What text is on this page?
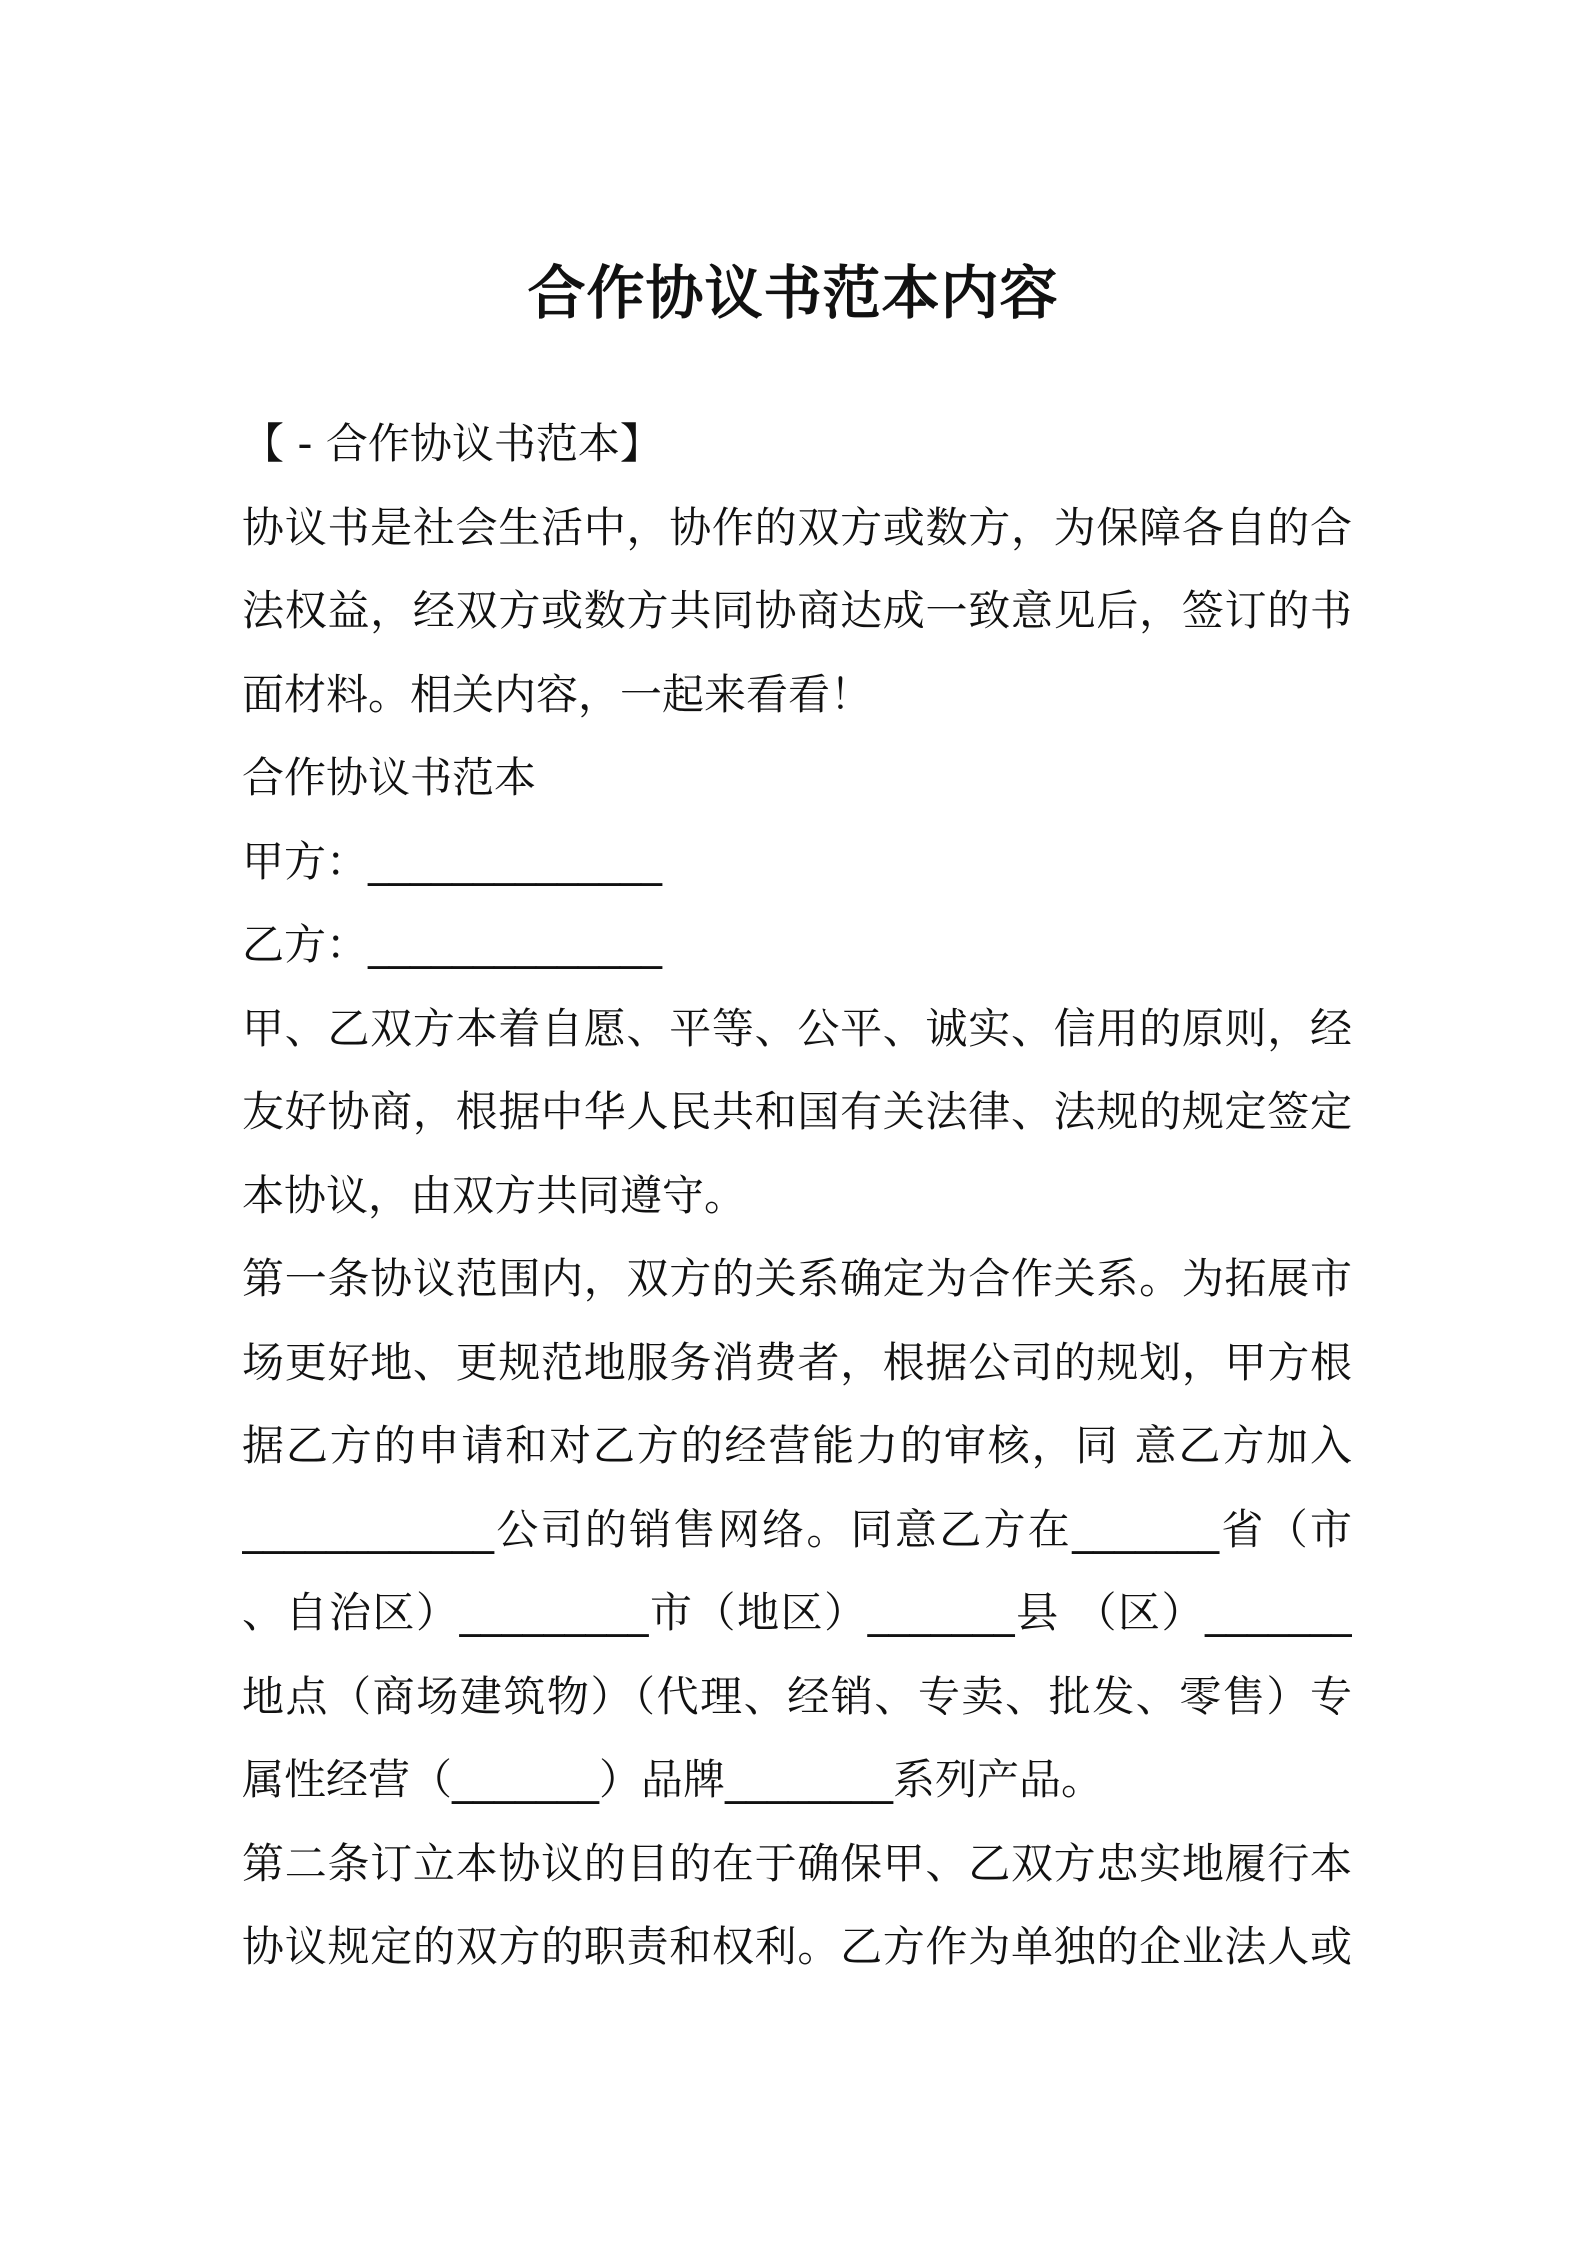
合作协议书范本内容
【 - 合作协议书范本】
协议书是社会生活中，协作的双方或数方，为保障各自的合
法权益，经双方或数方共同协商达成一致意见后，签订的书
面材料。相关内容，一起来看看！
合作协议书范本
甲方：______________
乙方：______________
甲、乙双方本着自愿、平等、公平、诚实、信用的原则，经
友好协商，根据中华人民共和国有关法律、法规的规定签定
本协议，由双方共同遵守。
第一条协议范围内，双方的关系确定为合作关系。为拓展市
场更好地、更规范地服务消费者，根据公司的规划，甲方根
据乙方的申请和对乙方的经营能力的审核，同 意乙方加入
____________公司的销售网络。同意乙方在_______省（市
、自治区）_________市（地区）_______县 （区）_______
地点（商场建筑物）（代理、经销、专卖、批发、零售）专
属性经营（_______）品牌________系列产品。
第二条订立本协议的目的在于确保甲、乙双方忠实地履行本
协议规定的双方的职责和权利。乙方作为单独的企业法人或
